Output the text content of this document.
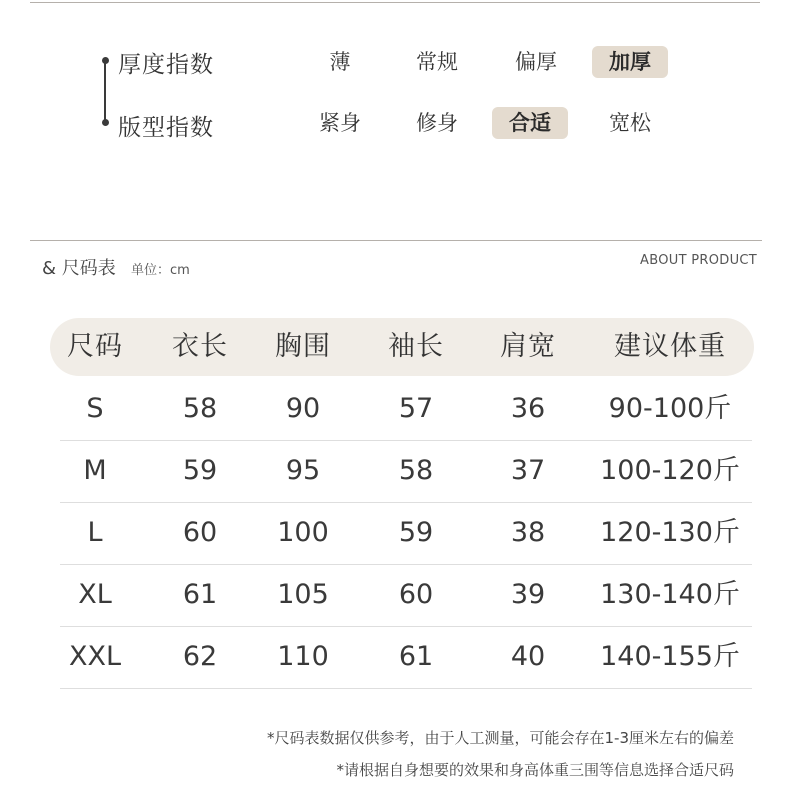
厚度指数
版型指数
薄	常规	偏厚	加厚
紧身	修身	合适	宽松
& 尺码表 单位：cm
ABOUT PRODUCT
尺码	衣长	胸围	袖长	肩宽	建议体重
S	58	90	57	36	90-100斤
M	59	95	58	37	100-120斤
L	60	100	59	38	120-130斤
XL	61	105	60	39	130-140斤
XXL	62	110	61	40	140-155斤
*尺码表数据仅供参考，由于人工测量，可能会存在1-3厘米左右的偏差
*请根据自身想要的效果和身高体重三围等信息选择合适尺码
